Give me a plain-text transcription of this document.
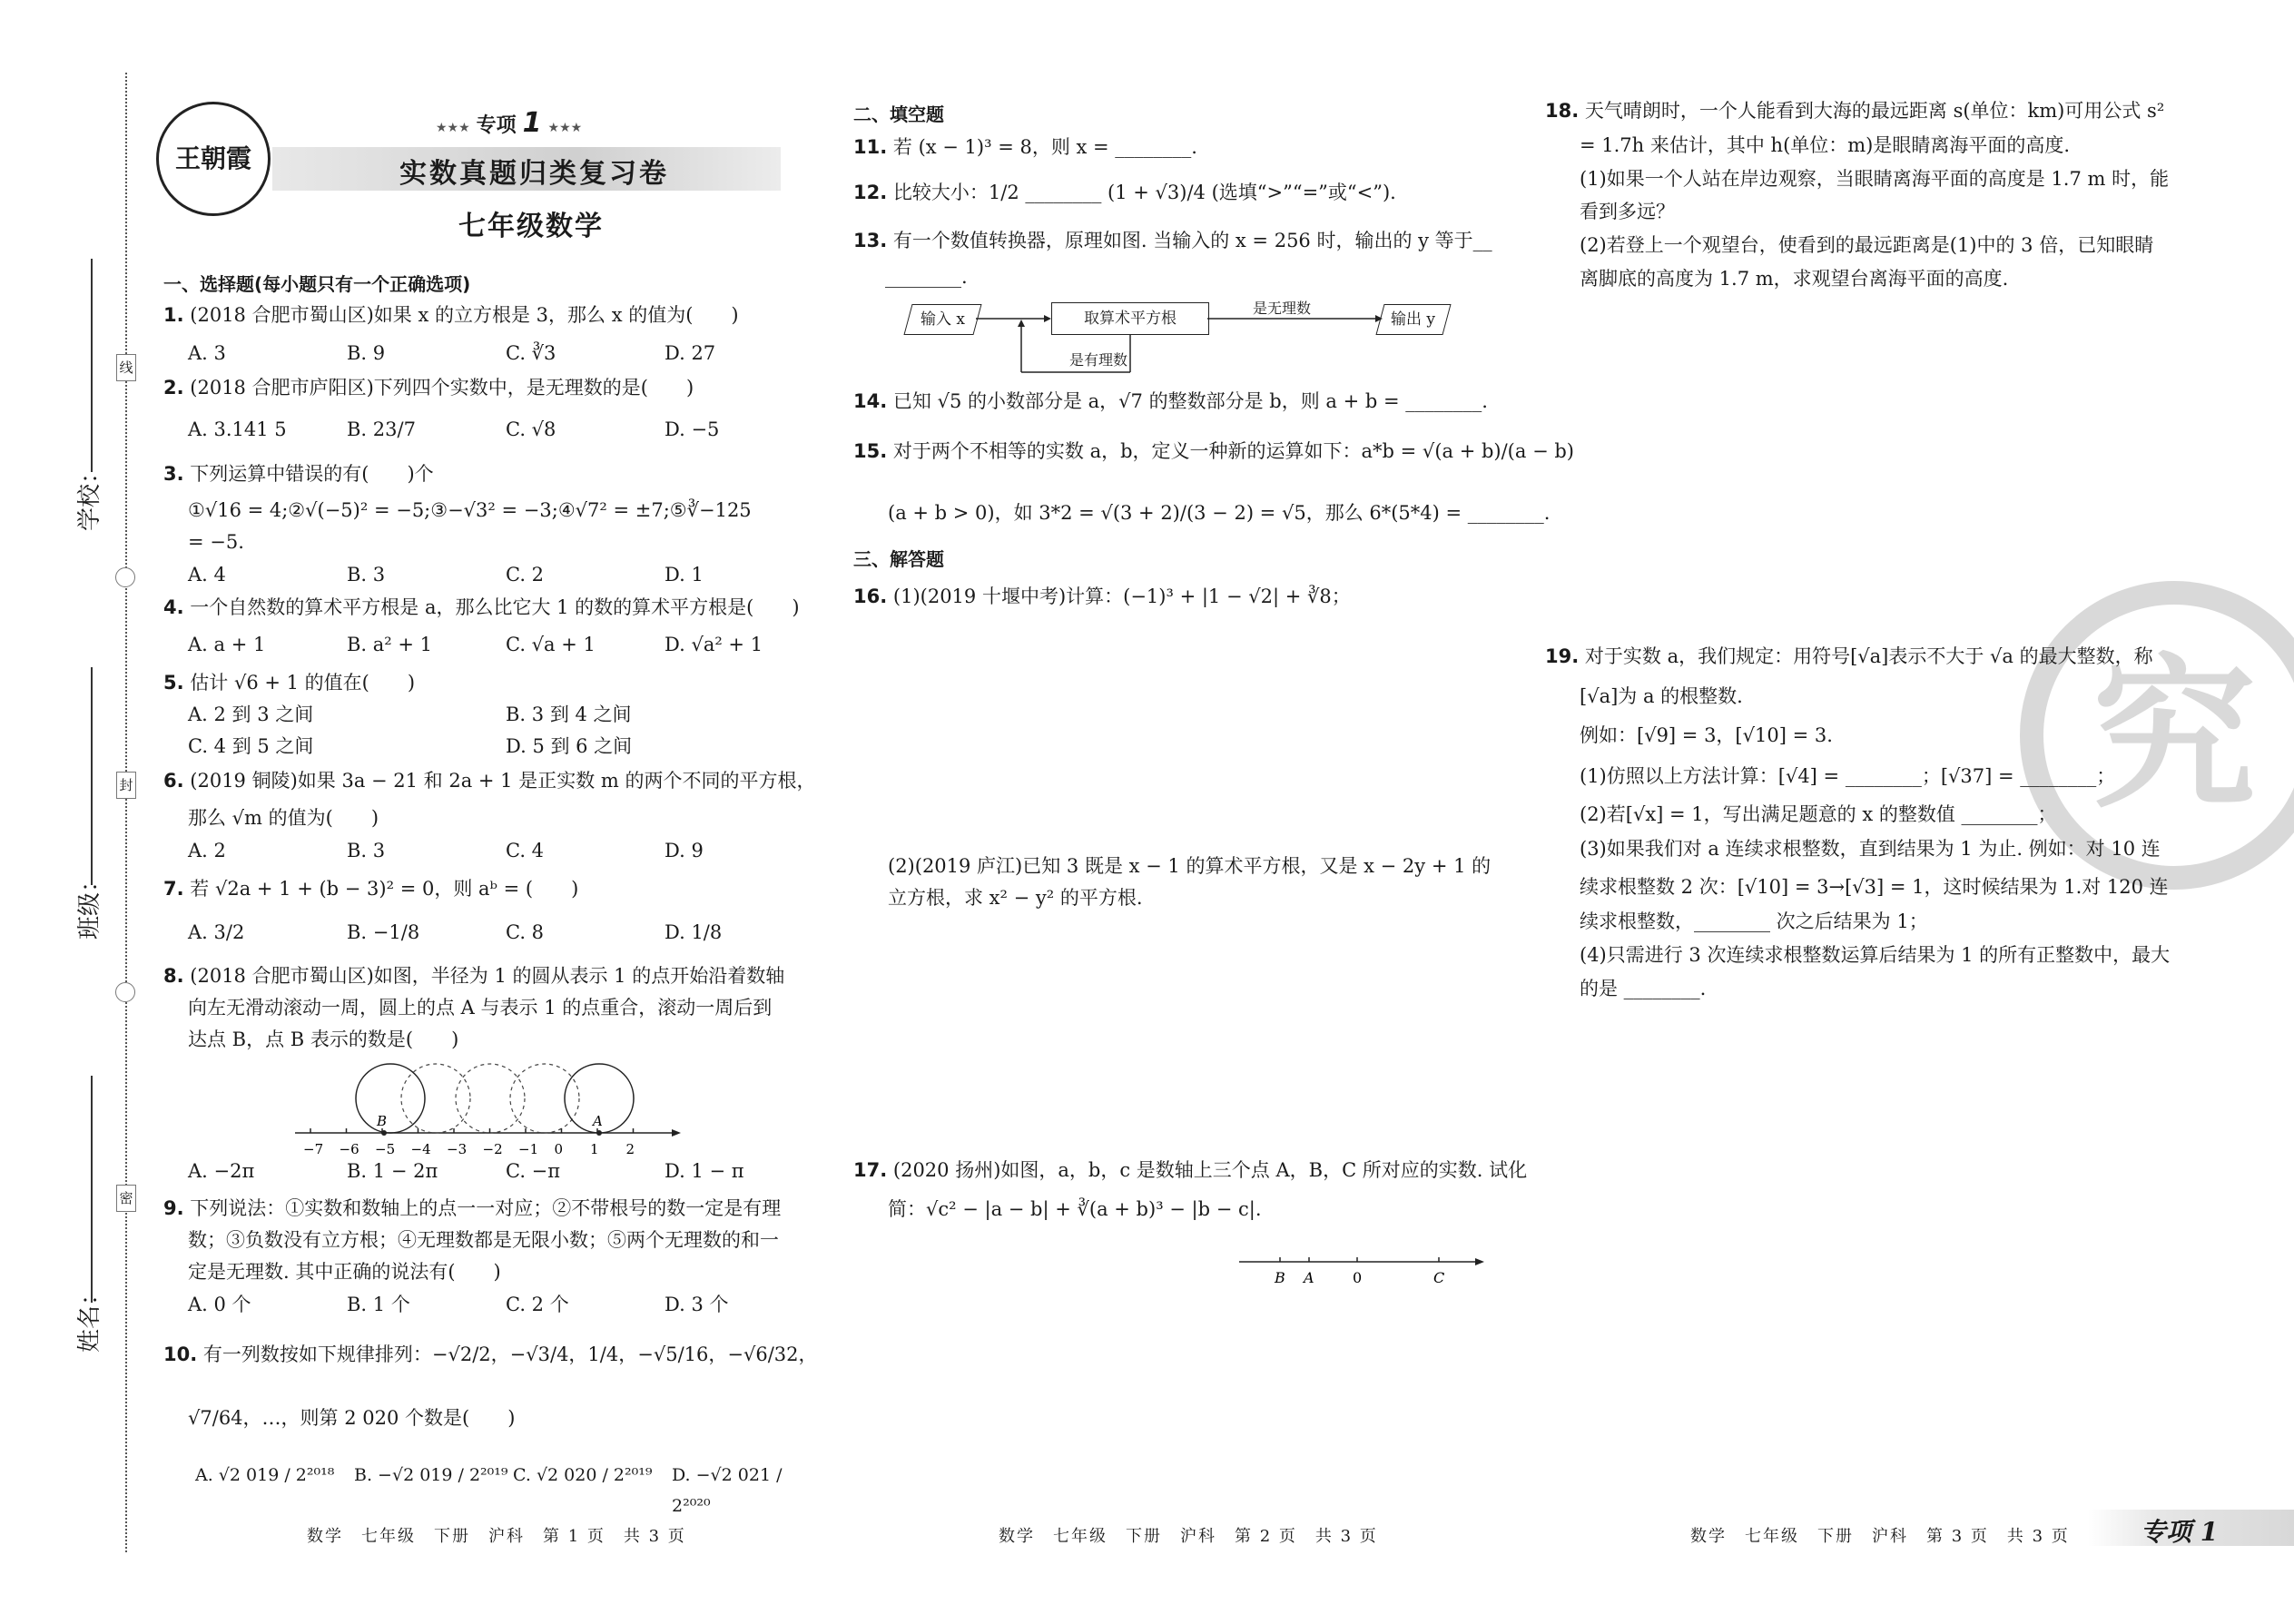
线
封
密
学校：
班级：
姓名：
王朝霞
★★★ 专项 1 ★★★
实数真题归类复习卷
七年级数学
一、选择题(每小题只有一个正确选项)
1. (2018 合肥市蜀山区)如果 x 的立方根是 3，那么 x 的值为(　　)
A. 3	B. 9	C. ∛3	D. 27
2. (2018 合肥市庐阳区)下列四个实数中，是无理数的是(　　)
A. 3.141 5	B. 23/7	C. √8	D. −5
3. 下列运算中错误的有(　　)个
①√16 = 4;②√(−5)² = −5;③−√3² = −3;④√7² = ±7;⑤∛−125
= −5.
A. 4	B. 3	C. 2	D. 1
4. 一个自然数的算术平方根是 a，那么比它大 1 的数的算术平方根是(　　)
A. a + 1	B. a² + 1	C. √a + 1	D. √a² + 1
5. 估计 √6 + 1 的值在(　　)
A. 2 到 3 之间	B. 3 到 4 之间
C. 4 到 5 之间	D. 5 到 6 之间
6. (2019 铜陵)如果 3a − 21 和 2a + 1 是正实数 m 的两个不同的平方根，
那么 √m 的值为(　　)
A. 2	B. 3	C. 4	D. 9
7. 若 √2a + 1 + (b − 3)² = 0，则 aᵇ = (　　)
A. 3/2	B. −1/8	C. 8	D. 1/8
8. (2018 合肥市蜀山区)如图，半径为 1 的圆从表示 1 的点开始沿着数轴
向左无滑动滚动一周，圆上的点 A 与表示 1 的点重合，滚动一周后到
达点 B，点 B 表示的数是(　　)
B	A
−7 −6 −5 −4 −3 −2 −1 0 1 2
A. −2π	B. 1 − 2π	C. −π	D. 1 − π
9. 下列说法：①实数和数轴上的点一一对应；②不带根号的数一定是有理
数；③负数没有立方根；④无理数都是无限小数；⑤两个无理数的和一
定是无理数. 其中正确的说法有(　　)
A. 0 个	B. 1 个	C. 2 个	D. 3 个
10. 有一列数按如下规律排列：−√2/2，−√3/4，1/4，−√5/16，−√6/32，
√7/64，…，则第 2 020 个数是(　　)
A. √2 019 / 2²⁰¹⁸	B. −√2 019 / 2²⁰¹⁹ C. √2 020 / 2²⁰¹⁹	D. −√2 021 / 2²⁰²⁰
数学　七年级　下册　沪科　第 1 页　共 3 页
二、填空题
11. 若 (x − 1)³ = 8，则 x = ________.
12. 比较大小：1/2 ________ (1 + √3)/4 (选填“>”“=”或“<”).
13. 有一个数值转换器，原理如图. 当输入的 x = 256 时，输出的 y 等于__
________.
输入 x	取算术平方根
是无理数
是有理数
输出 y
14. 已知 √5 的小数部分是 a，√7 的整数部分是 b，则 a + b = ________.
15. 对于两个不相等的实数 a，b，定义一种新的运算如下：a*b = √(a + b)/(a − b)
(a + b > 0)，如 3*2 = √(3 + 2)/(3 − 2) = √5，那么 6*(5*4) = ________.
三、解答题
16. (1)(2019 十堰中考)计算：(−1)³ + |1 − √2| + ∛8；
(2)(2019 庐江)已知 3 既是 x − 1 的算术平方根，又是 x − 2y + 1 的
立方根，求 x² − y² 的平方根.
17. (2020 扬州)如图，a，b，c 是数轴上三个点 A，B，C 所对应的实数. 试化
简：√c² − |a − b| + ∛(a + b)³ − |b − c|.
B A	0	C
数学　七年级　下册　沪科　第 2 页　共 3 页
究
18. 天气晴朗时，一个人能看到大海的最远距离 s(单位：km)可用公式 s²
= 1.7h 来估计，其中 h(单位：m)是眼睛离海平面的高度.
(1)如果一个人站在岸边观察，当眼睛离海平面的高度是 1.7 m 时，能
看到多远？
(2)若登上一个观望台，使看到的最远距离是(1)中的 3 倍，已知眼睛
离脚底的高度为 1.7 m，求观望台离海平面的高度.
19. 对于实数 a，我们规定：用符号[√a]表示不大于 √a 的最大整数，称
[√a]为 a 的根整数.
例如：[√9] = 3，[√10] = 3.
(1)仿照以上方法计算：[√4] = ________；[√37] = ________；
(2)若[√x] = 1，写出满足题意的 x 的整数值 ________；
(3)如果我们对 a 连续求根整数，直到结果为 1 为止. 例如：对 10 连
续求根整数 2 次：[√10] = 3→[√3] = 1，这时候结果为 1.对 120 连
续求根整数，________ 次之后结果为 1；
(4)只需进行 3 次连续求根整数运算后结果为 1 的所有正整数中，最大
的是 ________.
数学　七年级　下册　沪科　第 3 页　共 3 页	专项 1
